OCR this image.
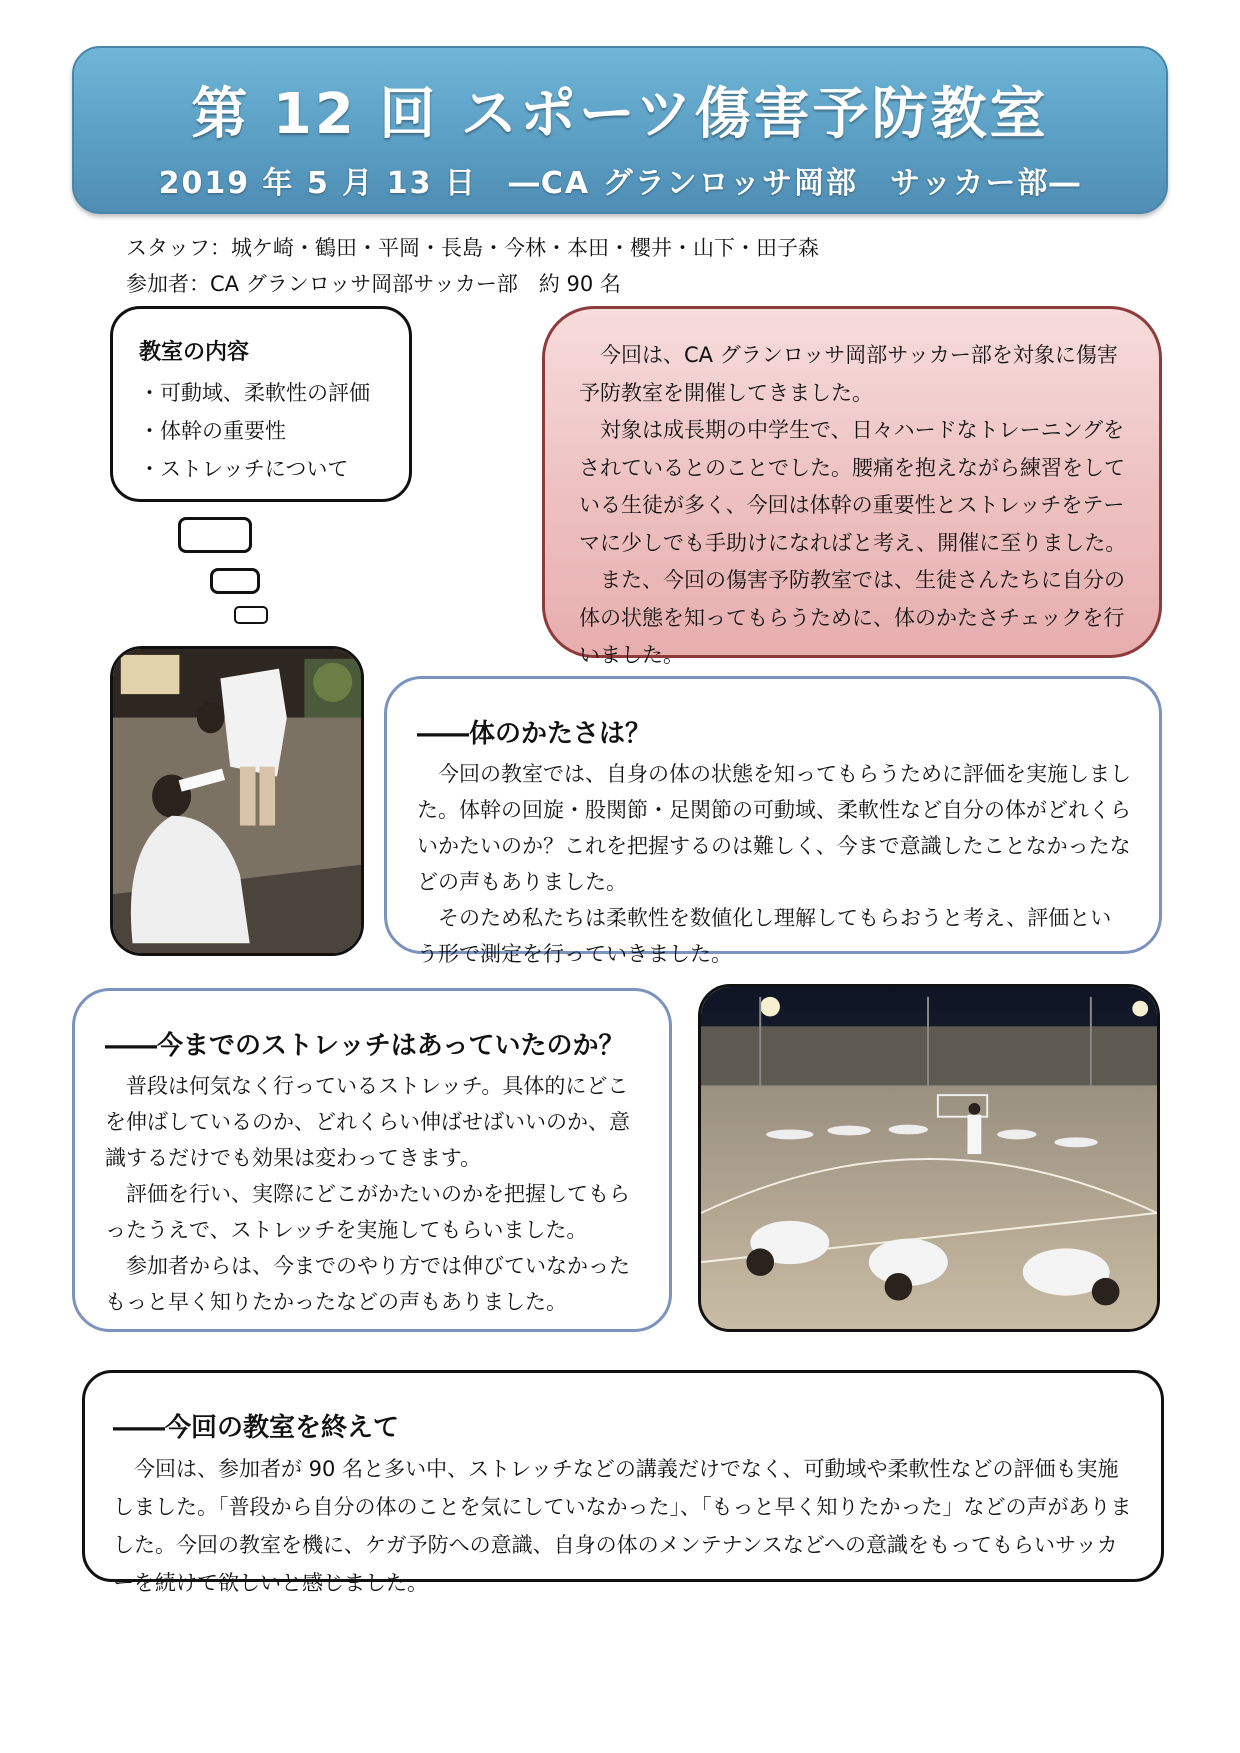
第 12 回 スポーツ傷害予防教室
2019 年 5 月 13 日　―CA グランロッサ岡部　サッカー部―
スタッフ：城ケ崎・鶴田・平岡・長島・今林・本田・櫻井・山下・田子森
参加者：CA グランロッサ岡部サッカー部　約 90 名
教室の内容
・可動域、柔軟性の評価
・体幹の重要性
・ストレッチについて

今回は、CA グランロッサ岡部サッカー部を対象に傷害予防教室を開催してきました。

対象は成長期の中学生で、日々ハードなトレーニングをされているとのことでした。腰痛を抱えながら練習をしている生徒が多く、今回は体幹の重要性とストレッチをテーマに少しでも手助けになればと考え、開催に至りました。

また、今回の傷害予防教室では、生徒さんたちに自分の体の状態を知ってもらうために、体のかたさチェックを行いました。

――体のかたさは？

今回の教室では、自身の体の状態を知ってもらうために評価を実施しました。体幹の回旋・股関節・足関節の可動域、柔軟性など自分の体がどれくらいかたいのか？これを把握するのは難しく、今まで意識したことなかったなどの声もありました。

そのため私たちは柔軟性を数値化し理解してもらおうと考え、評価という形で測定を行っていきました。

――今までのストレッチはあっていたのか？

普段は何気なく行っているストレッチ。具体的にどこを伸ばしているのか、どれくらい伸ばせばいいのか、意識するだけでも効果は変わってきます。

評価を行い、実際にどこがかたいのかを把握してもらったうえで、ストレッチを実施してもらいました。

参加者からは、今までのやり方では伸びていなかった

もっと早く知りたかったなどの声もありました。

――今回の教室を終えて

今回は、参加者が 90 名と多い中、ストレッチなどの講義だけでなく、可動域や柔軟性などの評価も実施しました。「普段から自分の体のことを気にしていなかった」、「もっと早く知りたかった」などの声がありました。今回の教室を機に、ケガ予防への意識、自身の体のメンテナンスなどへの意識をもってもらいサッカーを続けて欲しいと感じました。
